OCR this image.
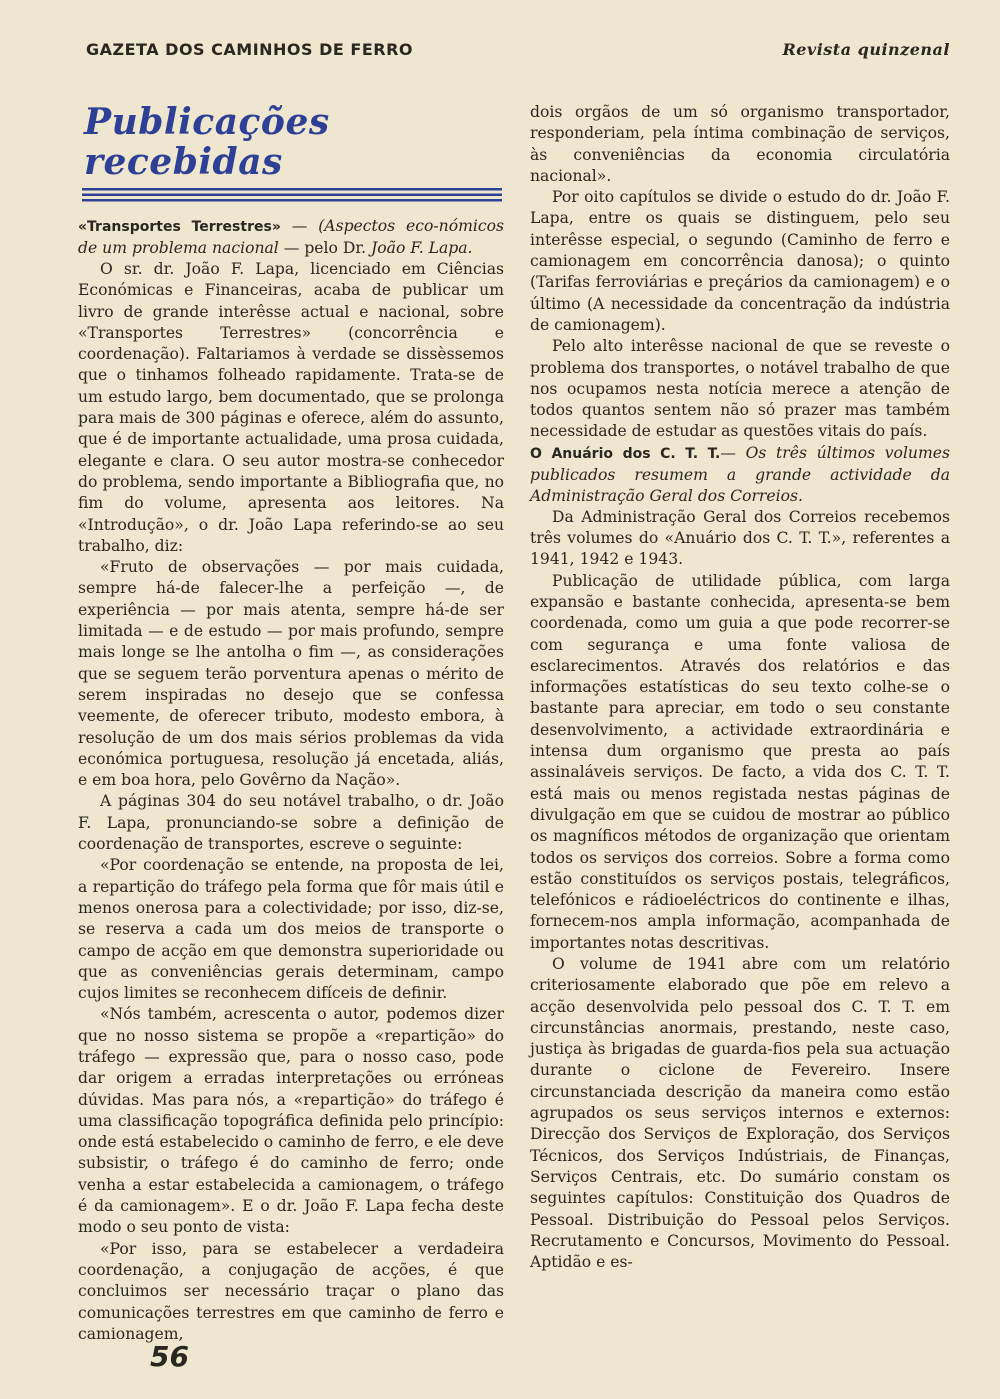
GAZETA DOS CAMINHOS DE FERRO	Revista quinzenal
Publicações recebidas

«Transportes Terrestres» — (Aspectos eco-nómicos de um problema nacional — pelo Dr. João F. Lapa.

O sr. dr. João F. Lapa, licenciado em Ciências Económicas e Financeiras, acaba de publicar um livro de grande interêsse actual e nacional, sobre «Transportes Terrestres» (concorrência e coordenação). Faltariamos à verdade se dissèssemos que o tinhamos folheado rapidamente. Trata-se de um estudo largo, bem documentado, que se prolonga para mais de 300 páginas e oferece, além do assunto, que é de importante actualidade, uma prosa cuidada, elegante e clara. O seu autor mostra-se conhecedor do problema, sendo importante a Bibliografia que, no fim do volume, apresenta aos leitores. Na «Introdução», o dr. João Lapa referindo-se ao seu trabalho, diz:

«Fruto de observações — por mais cuidada, sempre há-de falecer-lhe a perfeição —, de experiência — por mais atenta, sempre há-de ser limitada — e de estudo — por mais profundo, sempre mais longe se lhe antolha o fim —, as considerações que se seguem terão porventura apenas o mérito de serem inspiradas no desejo que se confessa veemente, de oferecer tributo, modesto embora, à resolução de um dos mais sérios problemas da vida económica portuguesa, resolução já encetada, aliás, e em boa hora, pelo Govêrno da Nação».

A páginas 304 do seu notável trabalho, o dr. João F. Lapa, pronunciando-se sobre a definição de coordenação de transportes, escreve o seguinte:

«Por coordenação se entende, na proposta de lei, a repartição do tráfego pela forma que fôr mais útil e menos onerosa para a colectividade; por isso, diz-se, se reserva a cada um dos meios de transporte o campo de acção em que demonstra superioridade ou que as conveniências gerais determinam, campo cujos limites se reconhecem difíceis de definir.

«Nós também, acrescenta o autor, podemos dizer que no nosso sistema se propõe a «repartição» do tráfego — expressão que, para o nosso caso, pode dar origem a erradas interpretações ou erróneas dúvidas. Mas para nós, a «repartição» do tráfego é uma classificação topográfica definida pelo princípio: onde está estabelecido o caminho de ferro, e ele deve subsistir, o tráfego é do caminho de ferro; onde venha a estar estabelecida a camionagem, o tráfego é da camionagem». E o dr. João F. Lapa fecha deste modo o seu ponto de vista:

«Por isso, para se estabelecer a verdadeira coordenação, a conjugação de acções, é que concluimos ser necessário traçar o plano das comunicações terrestres em que caminho de ferro e camionagem,

dois orgãos de um só organismo transportador, responderiam, pela íntima combinação de serviços, às conveniências da economia circulatória nacional».

Por oito capítulos se divide o estudo do dr. João F. Lapa, entre os quais se distinguem, pelo seu interêsse especial, o segundo (Caminho de ferro e camionagem em concorrência danosa); o quinto (Tarifas ferroviárias e preçários da camionagem) e o último (A necessidade da concentração da indústria de camionagem).

Pelo alto interêsse nacional de que se reveste o problema dos transportes, o notável trabalho de que nos ocupamos nesta notícia merece a atenção de todos quantos sentem não só prazer mas também necessidade de estudar as questões vitais do país.

O Anuário dos C. T. T.— Os três últimos volumes publicados resumem a grande actividade da Administração Geral dos Correios.

Da Administração Geral dos Correios recebemos três volumes do «Anuário dos C. T. T.», referentes a 1941, 1942 e 1943.

Publicação de utilidade pública, com larga expansão e bastante conhecida, apresenta-se bem coordenada, como um guia a que pode recorrer-se com segurança e uma fonte valiosa de esclarecimentos. Através dos relatórios e das informações estatísticas do seu texto colhe-se o bastante para apreciar, em todo o seu constante desenvolvimento, a actividade extraordinária e intensa dum organismo que presta ao país assinaláveis serviços. De facto, a vida dos C. T. T. está mais ou menos registada nestas páginas de divulgação em que se cuidou de mostrar ao público os magníficos métodos de organização que orientam todos os serviços dos correios. Sobre a forma como estão constituídos os serviços postais, telegráficos, telefónicos e rádioeléctricos do continente e ilhas, fornecem-nos ampla informação, acompanhada de importantes notas descritivas.

O volume de 1941 abre com um relatório criteriosamente elaborado que põe em relevo a acção desenvolvida pelo pessoal dos C. T. T. em circunstâncias anormais, prestando, neste caso, justiça às brigadas de guarda-fios pela sua actuação durante o ciclone de Fevereiro. Insere circunstanciada descrição da maneira como estão agrupados os seus serviços internos e externos: Direcção dos Serviços de Exploração, dos Serviços Técnicos, dos Serviços Indústriais, de Finanças, Serviços Centrais, etc. Do sumário constam os seguintes capítulos: Constituição dos Quadros de Pessoal. Distribuição do Pessoal pelos Serviços. Recrutamento e Concursos, Movimento do Pessoal. Aptidão e es-

56
